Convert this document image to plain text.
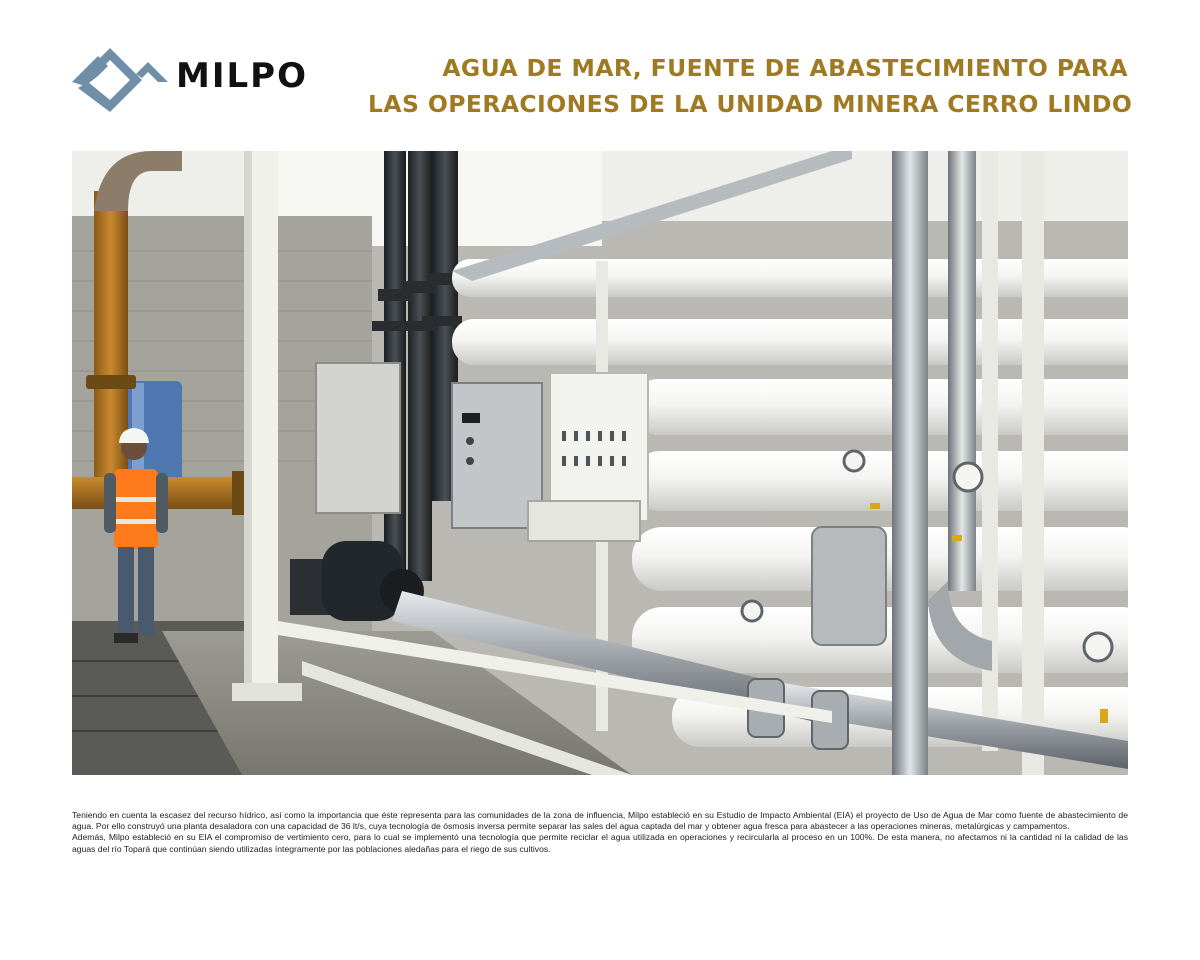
MILPO	AGUA DE MAR, FUENTE DE ABASTECIMIENTO PARA
LAS OPERACIONES DE LA UNIDAD MINERA CERRO LINDO

Teniendo en cuenta la escasez del recurso hídrico, así como la importancia que éste representa para las comunidades de la zona de influencia, Milpo estableció en su Estudio de Impacto Ambiental (EIA) el proyecto de Uso de Agua de Mar como fuente de abastecimiento de agua. Por ello construyó una planta desaladora con una capacidad de 36 lt/s, cuya tecnología de ósmosis inversa permite separar las sales del agua captada del mar y obtener agua fresca para abastecer a las operaciones mineras, metalúrgicas y campamentos.

Además, Milpo estableció en su EIA el compromiso de vertimiento cero, para lo cual se implementó una tecnología que permite reciclar el agua utilizada en operaciones y recircularla al proceso en un 100%. De esta manera, no afectamos ni la cantidad ni la calidad de las aguas del río Topará que continúan siendo utilizadas íntegramente por las poblaciones aledañas para el riego de sus cultivos.
